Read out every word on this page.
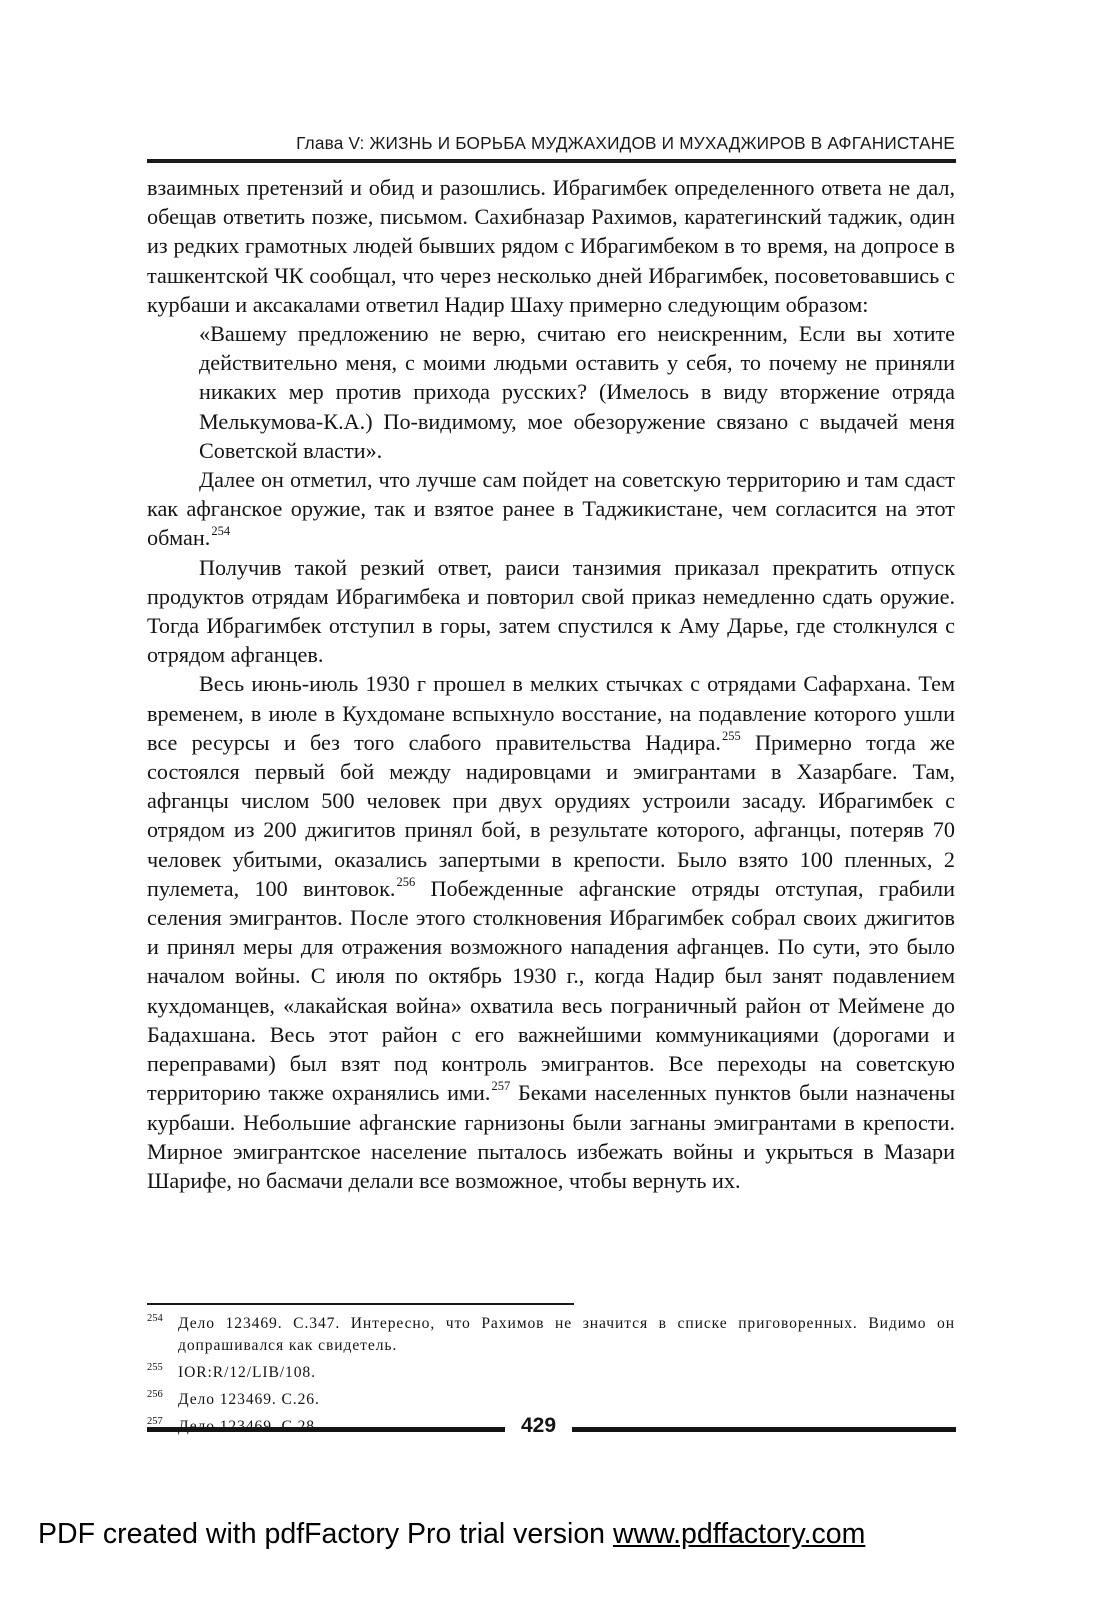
Глава V: ЖИЗНЬ И БОРЬБА МУДЖАХИДОВ И МУХАДЖИРОВ В АФГАНИСТАНЕ

взаимных претензий и обид и разошлись. Ибрагимбек определенного ответа не дал, обещав ответить позже, письмом. Сахибназар Рахимов, каратегинский таджик, один из редких грамотных людей бывших рядом с Ибрагимбеком в то время, на допросе в ташкентской ЧК сообщал, что через несколько дней Ибрагимбек, посоветовавшись с курбаши и аксакалами ответил Надир Шаху примерно следующим образом:

«Вашему предложению не верю, считаю его неискренним, Если вы хотите действительно меня, с моими людьми оставить у себя, то почему не приняли никаких мер против прихода русских? (Имелось в виду вторжение отряда Мелькумова-К.А.) По-видимому, мое обезоружение связано с выдачей меня Советской власти».

Далее он отметил, что лучше сам пойдет на советскую территорию и там сдаст как афганское оружие, так и взятое ранее в Таджикистане, чем согласится на этот обман.$^{254}$

Получив такой резкий ответ, раиси танзимия приказал прекратить отпуск продуктов отрядам Ибрагимбека и повторил свой приказ немедленно сдать оружие. Тогда Ибрагимбек отступил в горы, затем спустился к Аму Дарье, где столкнулся с отрядом афганцев.

Весь июнь-июль 1930 г прошел в мелких стычках с отрядами Сафархана. Тем временем, в июле в Кухдомане вспыхнуло восстание, на подавление которого ушли все ресурсы и без того слабого правительства Надира.$^{255}$ Примерно тогда же состоялся первый бой между надировцами и эмигрантами в Хазарбаге. Там, афганцы числом 500 человек при двух орудиях устроили засаду. Ибрагимбек с отрядом из 200 джигитов принял бой, в результате которого, афганцы, потеряв 70 человек убитыми, оказались запертыми в крепости. Было взято 100 пленных, 2 пулемета, 100 винтовок.$^{256}$ Побежденные афганские отряды отступая, грабили селения эмигрантов. После этого столкновения Ибрагимбек собрал своих джигитов и принял меры для отражения возможного нападения афганцев. По сути, это было началом войны. С июля по октябрь 1930 г., когда Надир был занят подавлением кухдоманцев, «лакайская война» охватила весь пограничный район от Меймене до Бадахшана. Весь этот район с его важнейшими коммуникациями (дорогами и переправами) был взят под контроль эмигрантов. Все переходы на советскую территорию также охранялись ими.$^{257}$ Беками населенных пунктов были назначены курбаши. Небольшие афганские гарнизоны были загнаны эмигрантами в крепости. Мирное эмигрантское население пыталось избежать войны и укрыться в Мазари Шарифе, но басмачи делали все возможное, чтобы вернуть их.

254 Дело 123469. С.347. Интересно, что Рахимов не значится в списке приговоренных. Видимо он допрашивался как свидетель.
255 IOR:R/12/LIB/108.
256 Дело 123469. С.26.
257	429
PDF created with pdfFactory Pro trial version www.pdffactory.com
